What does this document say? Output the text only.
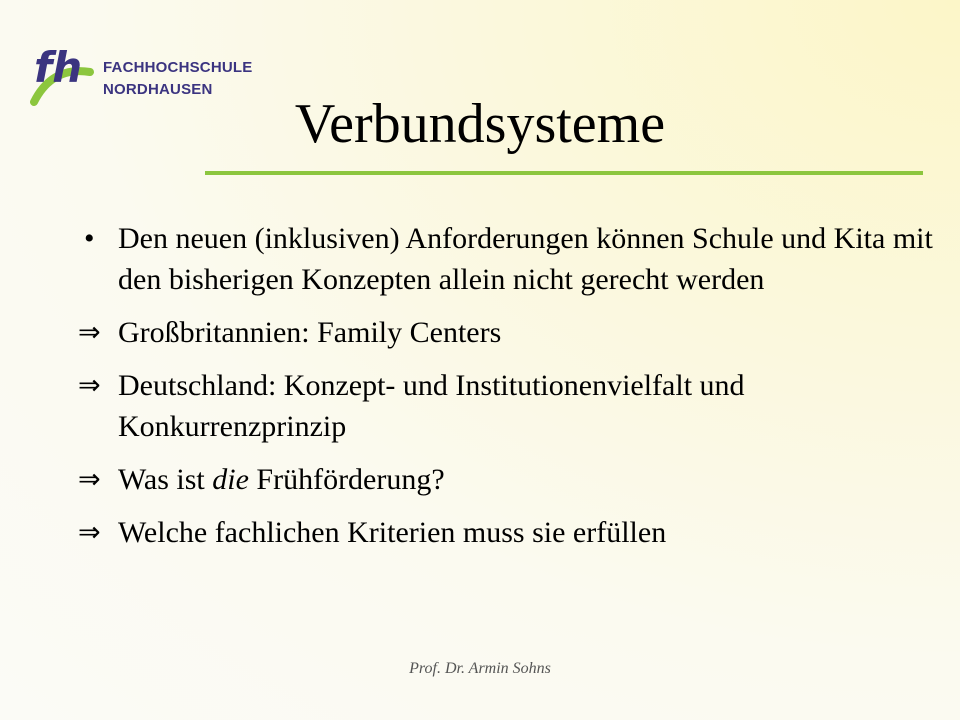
fh FACHHOCHSCHULE
NORDHAUSEN
Verbundsysteme
• Den neuen (inklusiven) Anforderungen können Schule und Kita mit den bisherigen Konzepten allein nicht gerecht werden
⇒ Großbritannien: Family Centers
⇒ Deutschland: Konzept- und Institutionenvielfalt und Konkurrenzprinzip
⇒ Was ist die Frühförderung?
⇒ Welche fachlichen Kriterien muss sie erfüllen
Prof. Dr. Armin Sohns
